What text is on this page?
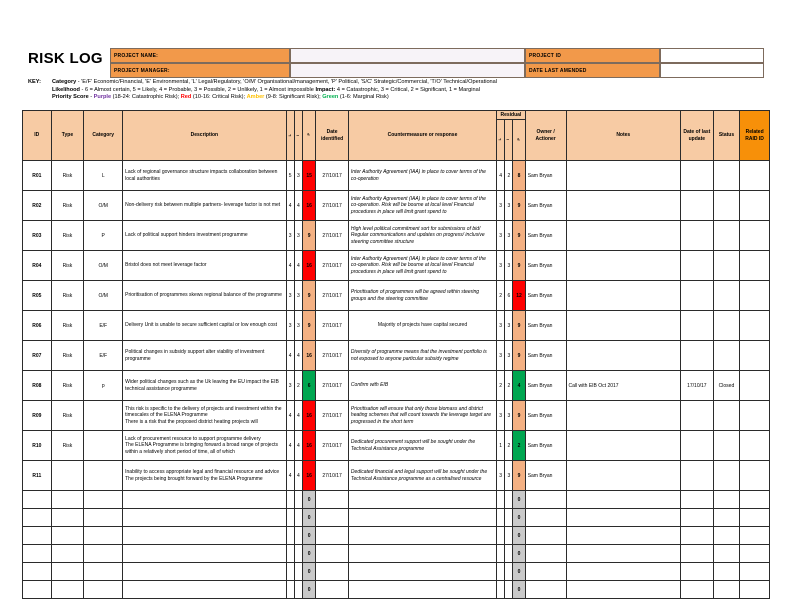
RISK LOG	PROJECT NAME:	PROJECT ID
PROJECT MANAGER:	DATE LAST AMENDED
KEY:	Category - 'E/F' Economic/Financial, 'E' Environmental, 'L' Legal/Regulatory, 'O/M' Organisational/management, 'P' Political, 'S/C' Strategic/Commercial, 'T/O' Technical/Operational
Likelihood - 6 = Almost certain, 5 = Likely, 4 = Probable, 3 = Possible, 2 = Unlikely, 1 = Almost impossible Impact: 4 = Catastrophic, 3 = Critical, 2 = Significant, 1 = Marginal
Priority Score - Purple (18-24: Catastrophic Risk); Red (10-16: Critical Risk); Amber (9-8: Significant Risk); Green (1-6: Marginal Risk)
ID	Type	Category	Description	L	I	P	Date identified	Countermeasure or response	Residual			Owner / Actioner	Notes	Date of last update	Status	Related RAID ID
									L	I	P					
R01	Risk	L	Lack of regional governance structure impacts collaboration between local authorities	5	3	15	27/10/17	Inter Authority Agreement (IAA) in place to cover terms of the co-operation	4	2	8	Sam Bryan				
R02	Risk	O/M	Non-delivery risk between multiple partners- leverage factor is not met	4	4	16	27/10/17	Inter Authority Agreement (IAA) in place to cover terms of the co-operation. Risk will be bourne at local level Financial procedures in place will limit grant spend to	3	3	9	Sam Bryan				
R03	Risk	P	Lack of political support hinders investment programme	3	3	9	27/10/17	High level political commitment sort for submissions of bid/ Regular communications and updates on progress/ inclusive steering committee structure	3	3	9	Sam Bryan				
R04	Risk	O/M	Bristol does not meet leverage factor	4	4	16	27/10/17	Inter Authority Agreement (IAA) in place to cover terms of the co-operation. Risk will be bourne at local level Financial procedures in place will limit grant spend to	3	3	9	Sam Bryan				
R05	Risk	O/M	Prioritisation of programmes skews regional balance of the programme	3	3	9	27/10/17	Prioritisation of programmes will be agreed within steering groups and the steering committee	2	6	12	Sam Bryan				
R06	Risk	E/F	Delivery Unit is unable to secure sufficient capital or low enough cost	3	3	9	27/10/17	Majority of projects have capital secured	3	3	9	Sam Bryan				
R07	Risk	E/F	Political changes in subsidy support alter viability of investment programme	4	4	16	27/10/17	Diversity of programme means that the investment portfolio is not exposed to anyone particular subsidy regime	3	3	9	Sam Bryan				
R08	Risk	p	Wider political changes such as the Uk leaving the EU impact the EIB technical assistance programme	3	2	6	27/10/17	Confirm with EIB	2	2	4	Sam Bryan	Call with EIB Oct 2017	17/10/17	Closed	
R09	Risk		This risk is specific to the delivery of projects and investment within the timescales of the ELENA Programme
There is a risk that the proposed district heating projects will	4	4	16	27/10/17	Prioritisation will ensure that only those biomass and district heating schemes that will count towards the leverage target are progressed in the short term	3	3	9	Sam Bryan				
R10	Risk		Lack of procurement resource to support programme delivery
The ELENA Programme is bringing forward a broad range of projects within a relatively short period of time, all of which	4	4	16	27/10/17	Dedicated procurement support will be sought under the Technical Assistance programme	1	2	2	Sam Bryan				
R11			Inability to access appropriate legal and financial resource and advice
The projects being brought forward by the ELENA Programme	4	4	16	27/10/17	Dedicated financial and legal support will be sought under the Technical Assistance programme as a centralised resource	3	3	9	Sam Bryan				
						0					0					
						0					0					
						0					0					
						0					0					
						0					0					
						0					0					
